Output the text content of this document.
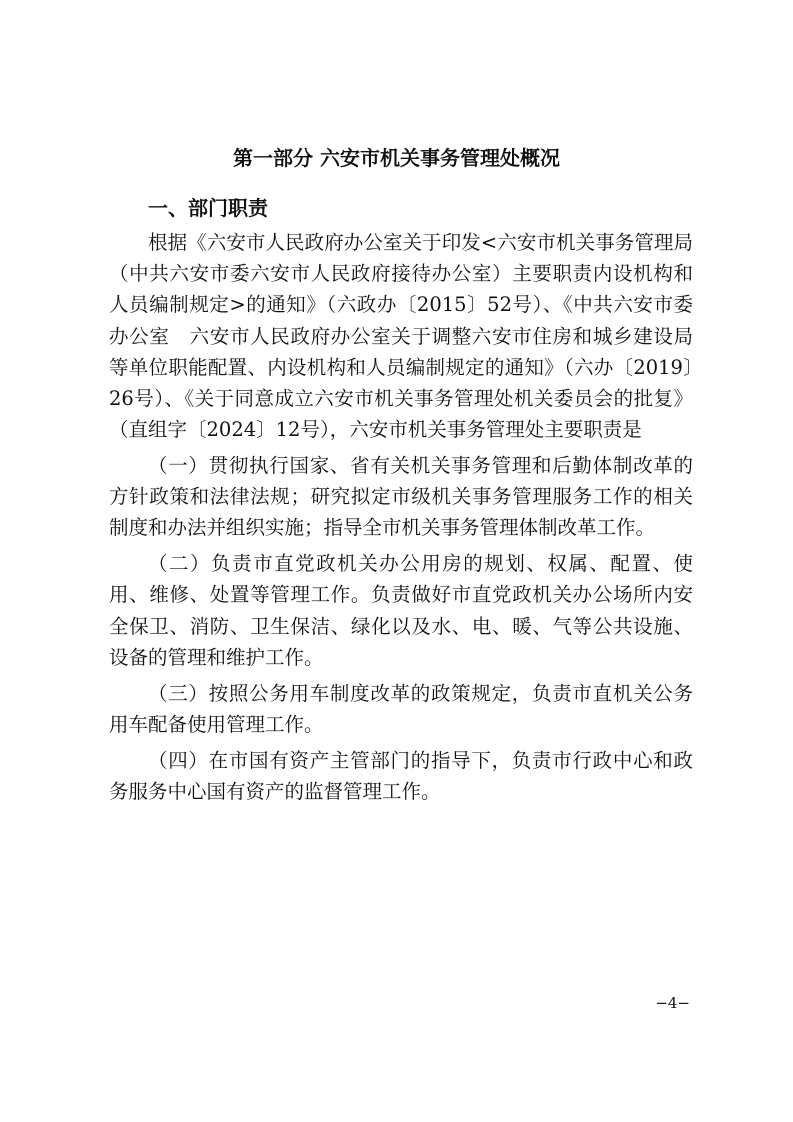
第一部分 六安市机关事务管理处概况
一、部门职责

根据《六安市人民政府办公室关于印发<六安市机关事务管理局（中共六安市委六安市人民政府接待办公室）主要职责内设机构和人员编制规定>的通知》（六政办〔2015〕52号）、《中共六安市委办公室　六安市人民政府办公室关于调整六安市住房和城乡建设局等单位职能配置、内设机构和人员编制规定的通知》（六办〔2019〕26号）、《关于同意成立六安市机关事务管理处机关委员会的批复》（直组字〔2024〕12号），六安市机关事务管理处主要职责是

（一）贯彻执行国家、省有关机关事务管理和后勤体制改革的方针政策和法律法规；研究拟定市级机关事务管理服务工作的相关制度和办法并组织实施；指导全市机关事务管理体制改革工作。

（二）负责市直党政机关办公用房的规划、权属、配置、使用、维修、处置等管理工作。负责做好市直党政机关办公场所内安全保卫、消防、卫生保洁、绿化以及水、电、暖、气等公共设施、设备的管理和维护工作。

（三）按照公务用车制度改革的政策规定，负责市直机关公务用车配备使用管理工作。

（四）在市国有资产主管部门的指导下，负责市行政中心和政务服务中心国有资产的监督管理工作。

−4−
